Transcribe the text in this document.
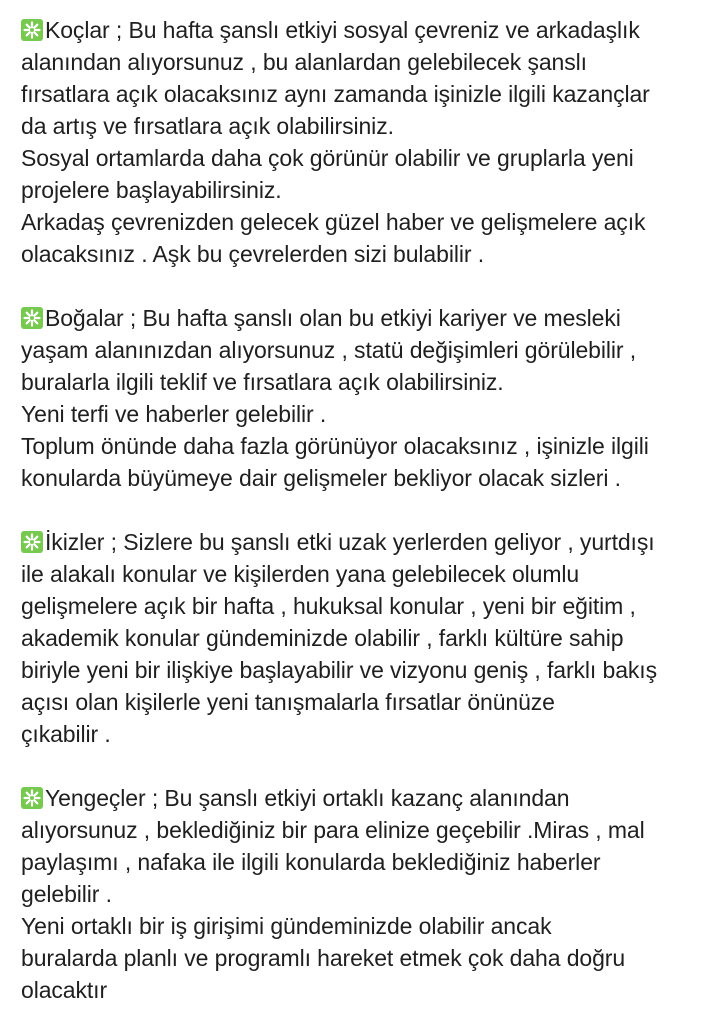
Koçlar ; Bu hafta şanslı etkiyi sosyal çevreniz ve arkadaşlık
alanından alıyorsunuz , bu alanlardan gelebilecek şanslı
fırsatlara açık olacaksınız aynı zamanda işinizle ilgili kazançlar
da artış ve fırsatlara açık olabilirsiniz.
Sosyal ortamlarda daha çok görünür olabilir ve gruplarla yeni
projelere başlayabilirsiniz.
Arkadaş çevrenizden gelecek güzel haber ve gelişmelere açık
olacaksınız . Aşk bu çevrelerden sizi bulabilir .
Boğalar ; Bu hafta şanslı olan bu etkiyi kariyer ve mesleki
yaşam alanınızdan alıyorsunuz , statü değişimleri görülebilir ,
buralarla ilgili teklif ve fırsatlara açık olabilirsiniz.
Yeni terfi ve haberler gelebilir .
Toplum önünde daha fazla görünüyor olacaksınız , işinizle ilgili
konularda büyümeye dair gelişmeler bekliyor olacak sizleri .
İkizler ; Sizlere bu şanslı etki uzak yerlerden geliyor , yurtdışı
ile alakalı konular ve kişilerden yana gelebilecek olumlu
gelişmelere açık bir hafta , hukuksal konular , yeni bir eğitim ,
akademik konular gündeminizde olabilir , farklı kültüre sahip
biriyle yeni bir ilişkiye başlayabilir ve vizyonu geniş , farklı bakış
açısı olan kişilerle yeni tanışmalarla fırsatlar önünüze
çıkabilir .
Yengeçler ; Bu şanslı etkiyi ortaklı kazanç alanından
alıyorsunuz , beklediğiniz bir para elinize geçebilir .Miras , mal
paylaşımı , nafaka ile ilgili konularda beklediğiniz haberler
gelebilir .
Yeni ortaklı bir iş girişimi gündeminizde olabilir ancak
buralarda planlı ve programlı hareket etmek çok daha doğru
olacaktır
